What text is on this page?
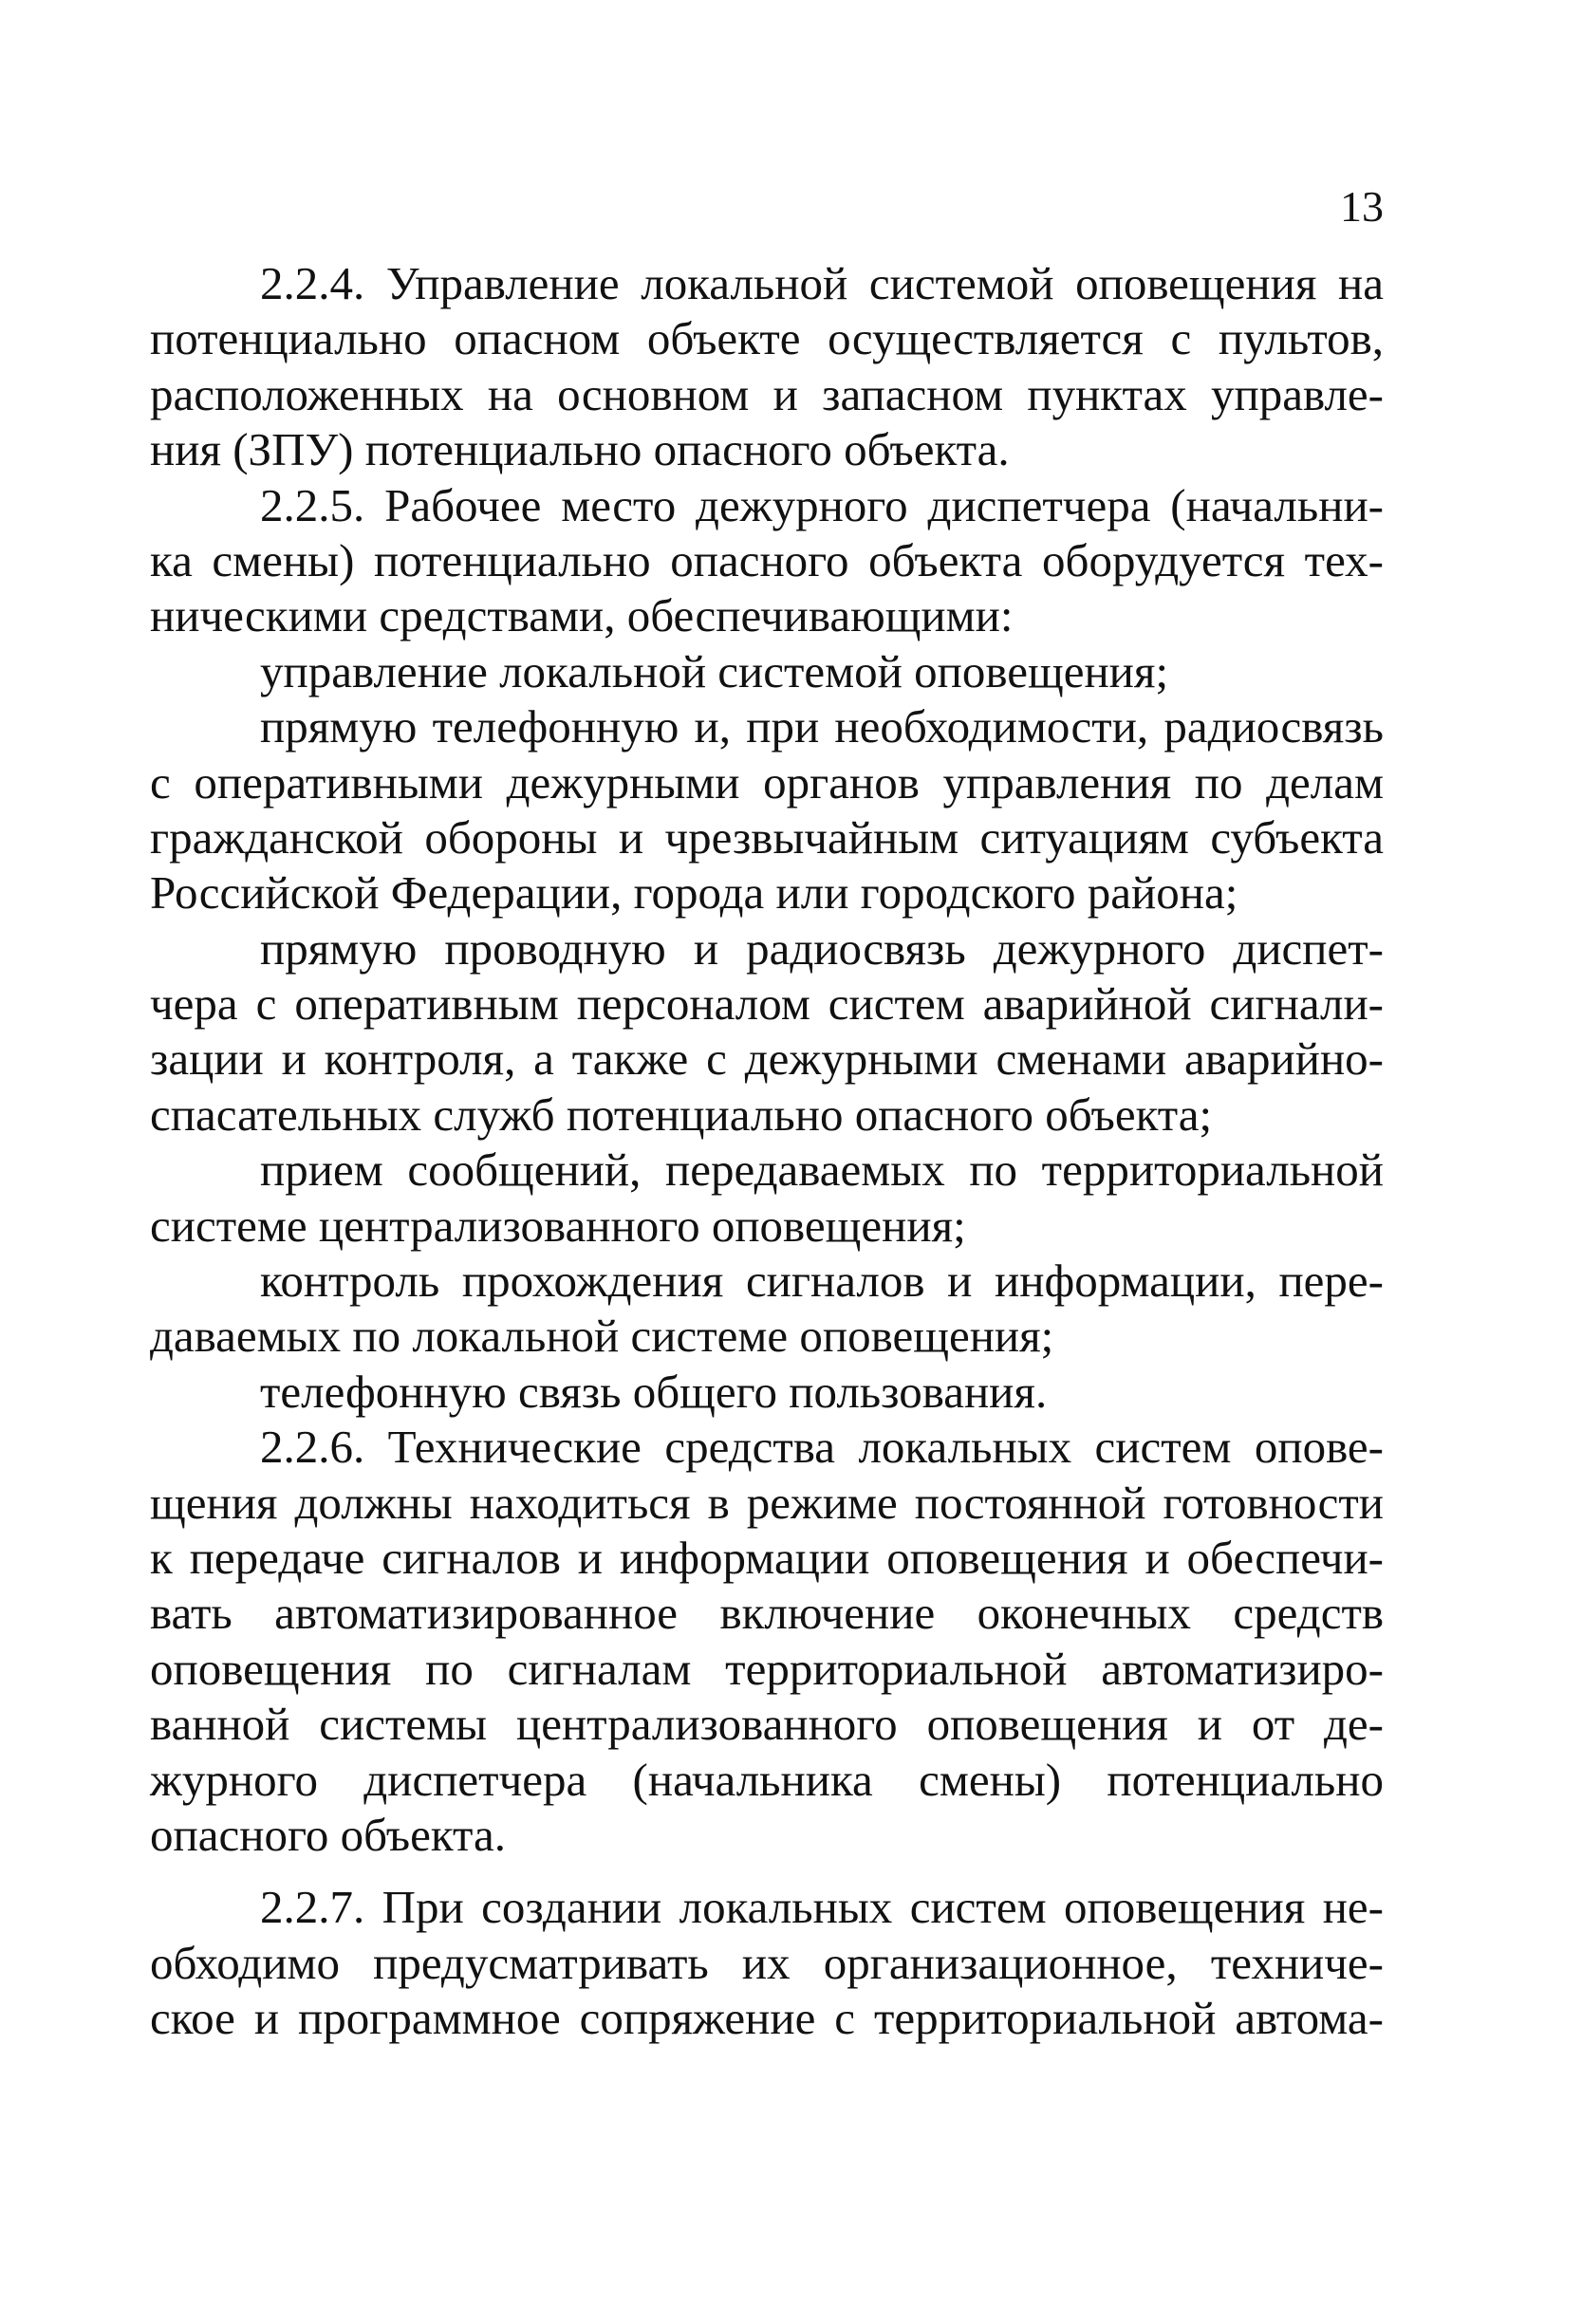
13
2.2.4. Управление локальной системой оповещения на
потенциально опасном объекте осуществляется с пультов,
расположенных на основном и запасном пунктах управле-
ния (ЗПУ) потенциально опасного объекта.
2.2.5. Рабочее место дежурного диспетчера (начальни-
ка смены) потенциально опасного объекта оборудуется тех-
ническими средствами, обеспечивающими:
управление локальной системой оповещения;
прямую телефонную и, при необходимости, радиосвязь
с оперативными дежурными органов управления по делам
гражданской обороны и чрезвычайным ситуациям субъекта
Российской Федерации, города или городского района;
прямую проводную и радиосвязь дежурного диспет-
чера с оперативным персоналом систем аварийной сигнали-
зации и контроля, а также с дежурными сменами аварийно-
спасательных служб потенциально опасного объекта;
прием сообщений, передаваемых по территориальной
системе централизованного оповещения;
контроль прохождения сигналов и информации, пере-
даваемых по локальной системе оповещения;
телефонную связь общего пользования.
2.2.6. Технические средства локальных систем опове-
щения должны находиться в режиме постоянной готовности
к передаче сигналов и информации оповещения и обеспечи-
вать автоматизированное включение оконечных средств
оповещения по сигналам территориальной автоматизиро-
ванной системы централизованного оповещения и от де-
журного диспетчера (начальника смены) потенциально
опасного объекта.
2.2.7. При создании локальных систем оповещения не-
обходимо предусматривать их организационное, техниче-
ское и программное сопряжение с территориальной автома-
